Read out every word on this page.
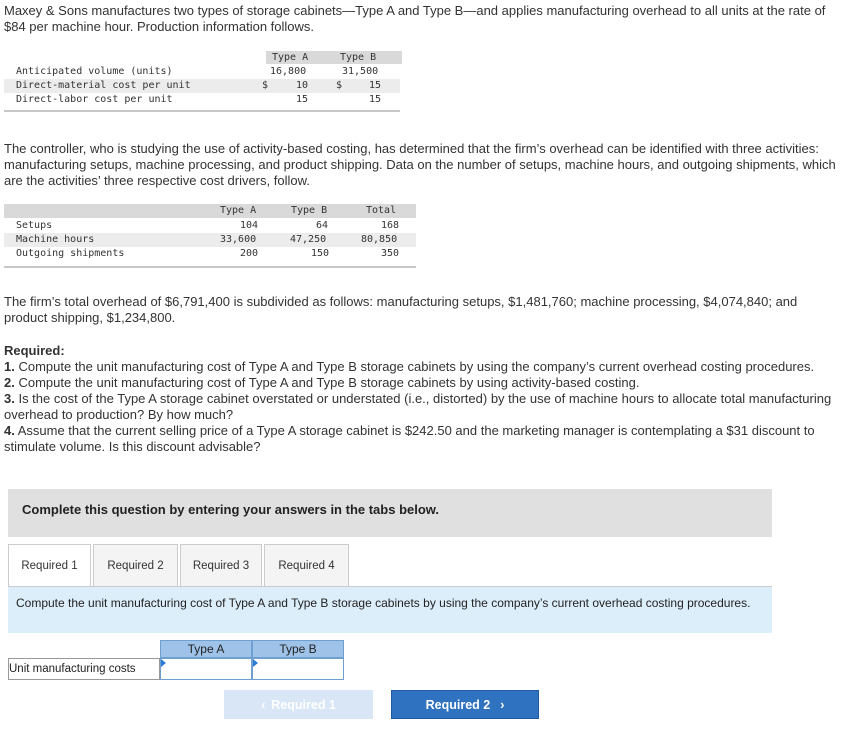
Maxey & Sons manufactures two types of storage cabinets—Type A and Type B—and applies manufacturing overhead to all units at the rate of $84 per machine hour. Production information follows.

Type A	Type B
Anticipated volume (units)	16,800	31,500
Direct-material cost per unit	$	10	$	15
Direct-labor cost per unit	15	15

The controller, who is studying the use of activity-based costing, has determined that the firm’s overhead can be identified with three activities: manufacturing setups, machine processing, and product shipping. Data on the number of setups, machine hours, and outgoing shipments, which are the activities’ three respective cost drivers, follow.

Type A	Type B	Total
Setups	104	64	168
Machine hours	33,600	47,250	80,850
Outgoing shipments	200	150	350

The firm’s total overhead of $6,791,400 is subdivided as follows: manufacturing setups, $1,481,760; machine processing, $4,074,840; and product shipping, $1,234,800.

Required:
1. Compute the unit manufacturing cost of Type A and Type B storage cabinets by using the company’s current overhead costing procedures.
2. Compute the unit manufacturing cost of Type A and Type B storage cabinets by using activity-based costing.
3. Is the cost of the Type A storage cabinet overstated or understated (i.e., distorted) by the use of machine hours to allocate total manufacturing overhead to production? By how much?
4. Assume that the current selling price of a Type A storage cabinet is $242.50 and the marketing manager is contemplating a $31 discount to stimulate volume. Is this discount advisable?
Complete this question by entering your answers in the tabs below.
Required 1	Required 2	Required 3	Required 4
Compute the unit manufacturing cost of Type A and Type B storage cabinets by using the company’s current overhead costing procedures.
Type A	Type B
Unit manufacturing costs
‹ Required 1	Required 2 ›
